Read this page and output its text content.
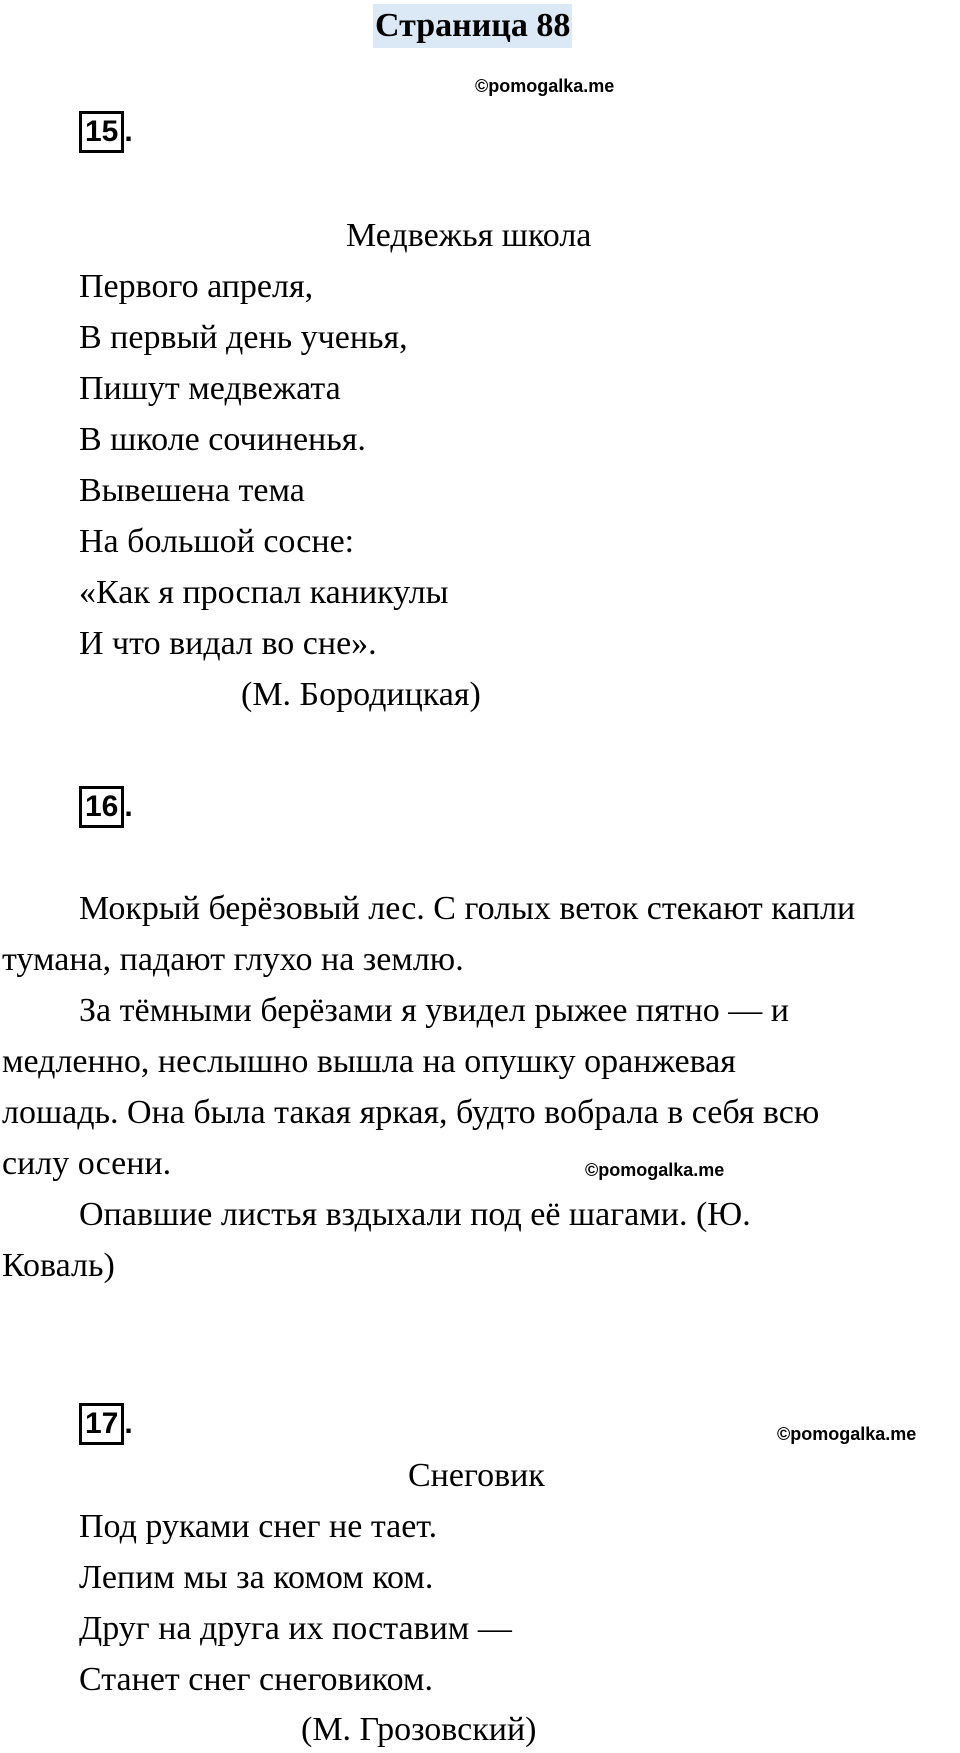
Страница 88
©pomogalka.me
15 .
Медвежья школа
Первого апреля,
В первый день ученья,
Пишут медвежата
В школе сочиненья.
Вывешена тема
На большой сосне:
«Как я проспал каникулы
И что видал во сне».
(М. Бородицкая)
16 .
Мокрый берёзовый лес. С голых веток стекают капли
тумана, падают глухо на землю.
За тёмными берёзами я увидел рыжее пятно — и
медленно, неслышно вышла на опушку оранжевая
лошадь. Она была такая яркая, будто вобрала в себя всю
силу осени.	©pomogalka.me
Опавшие листья вздыхали под её шагами. (Ю.
Коваль)
17 .	©pomogalka.me
Снеговик
Под руками снег не тает.
Лепим мы за комом ком.
Друг на друга их поставим —
Станет снег снеговиком.
(М. Грозовский)
